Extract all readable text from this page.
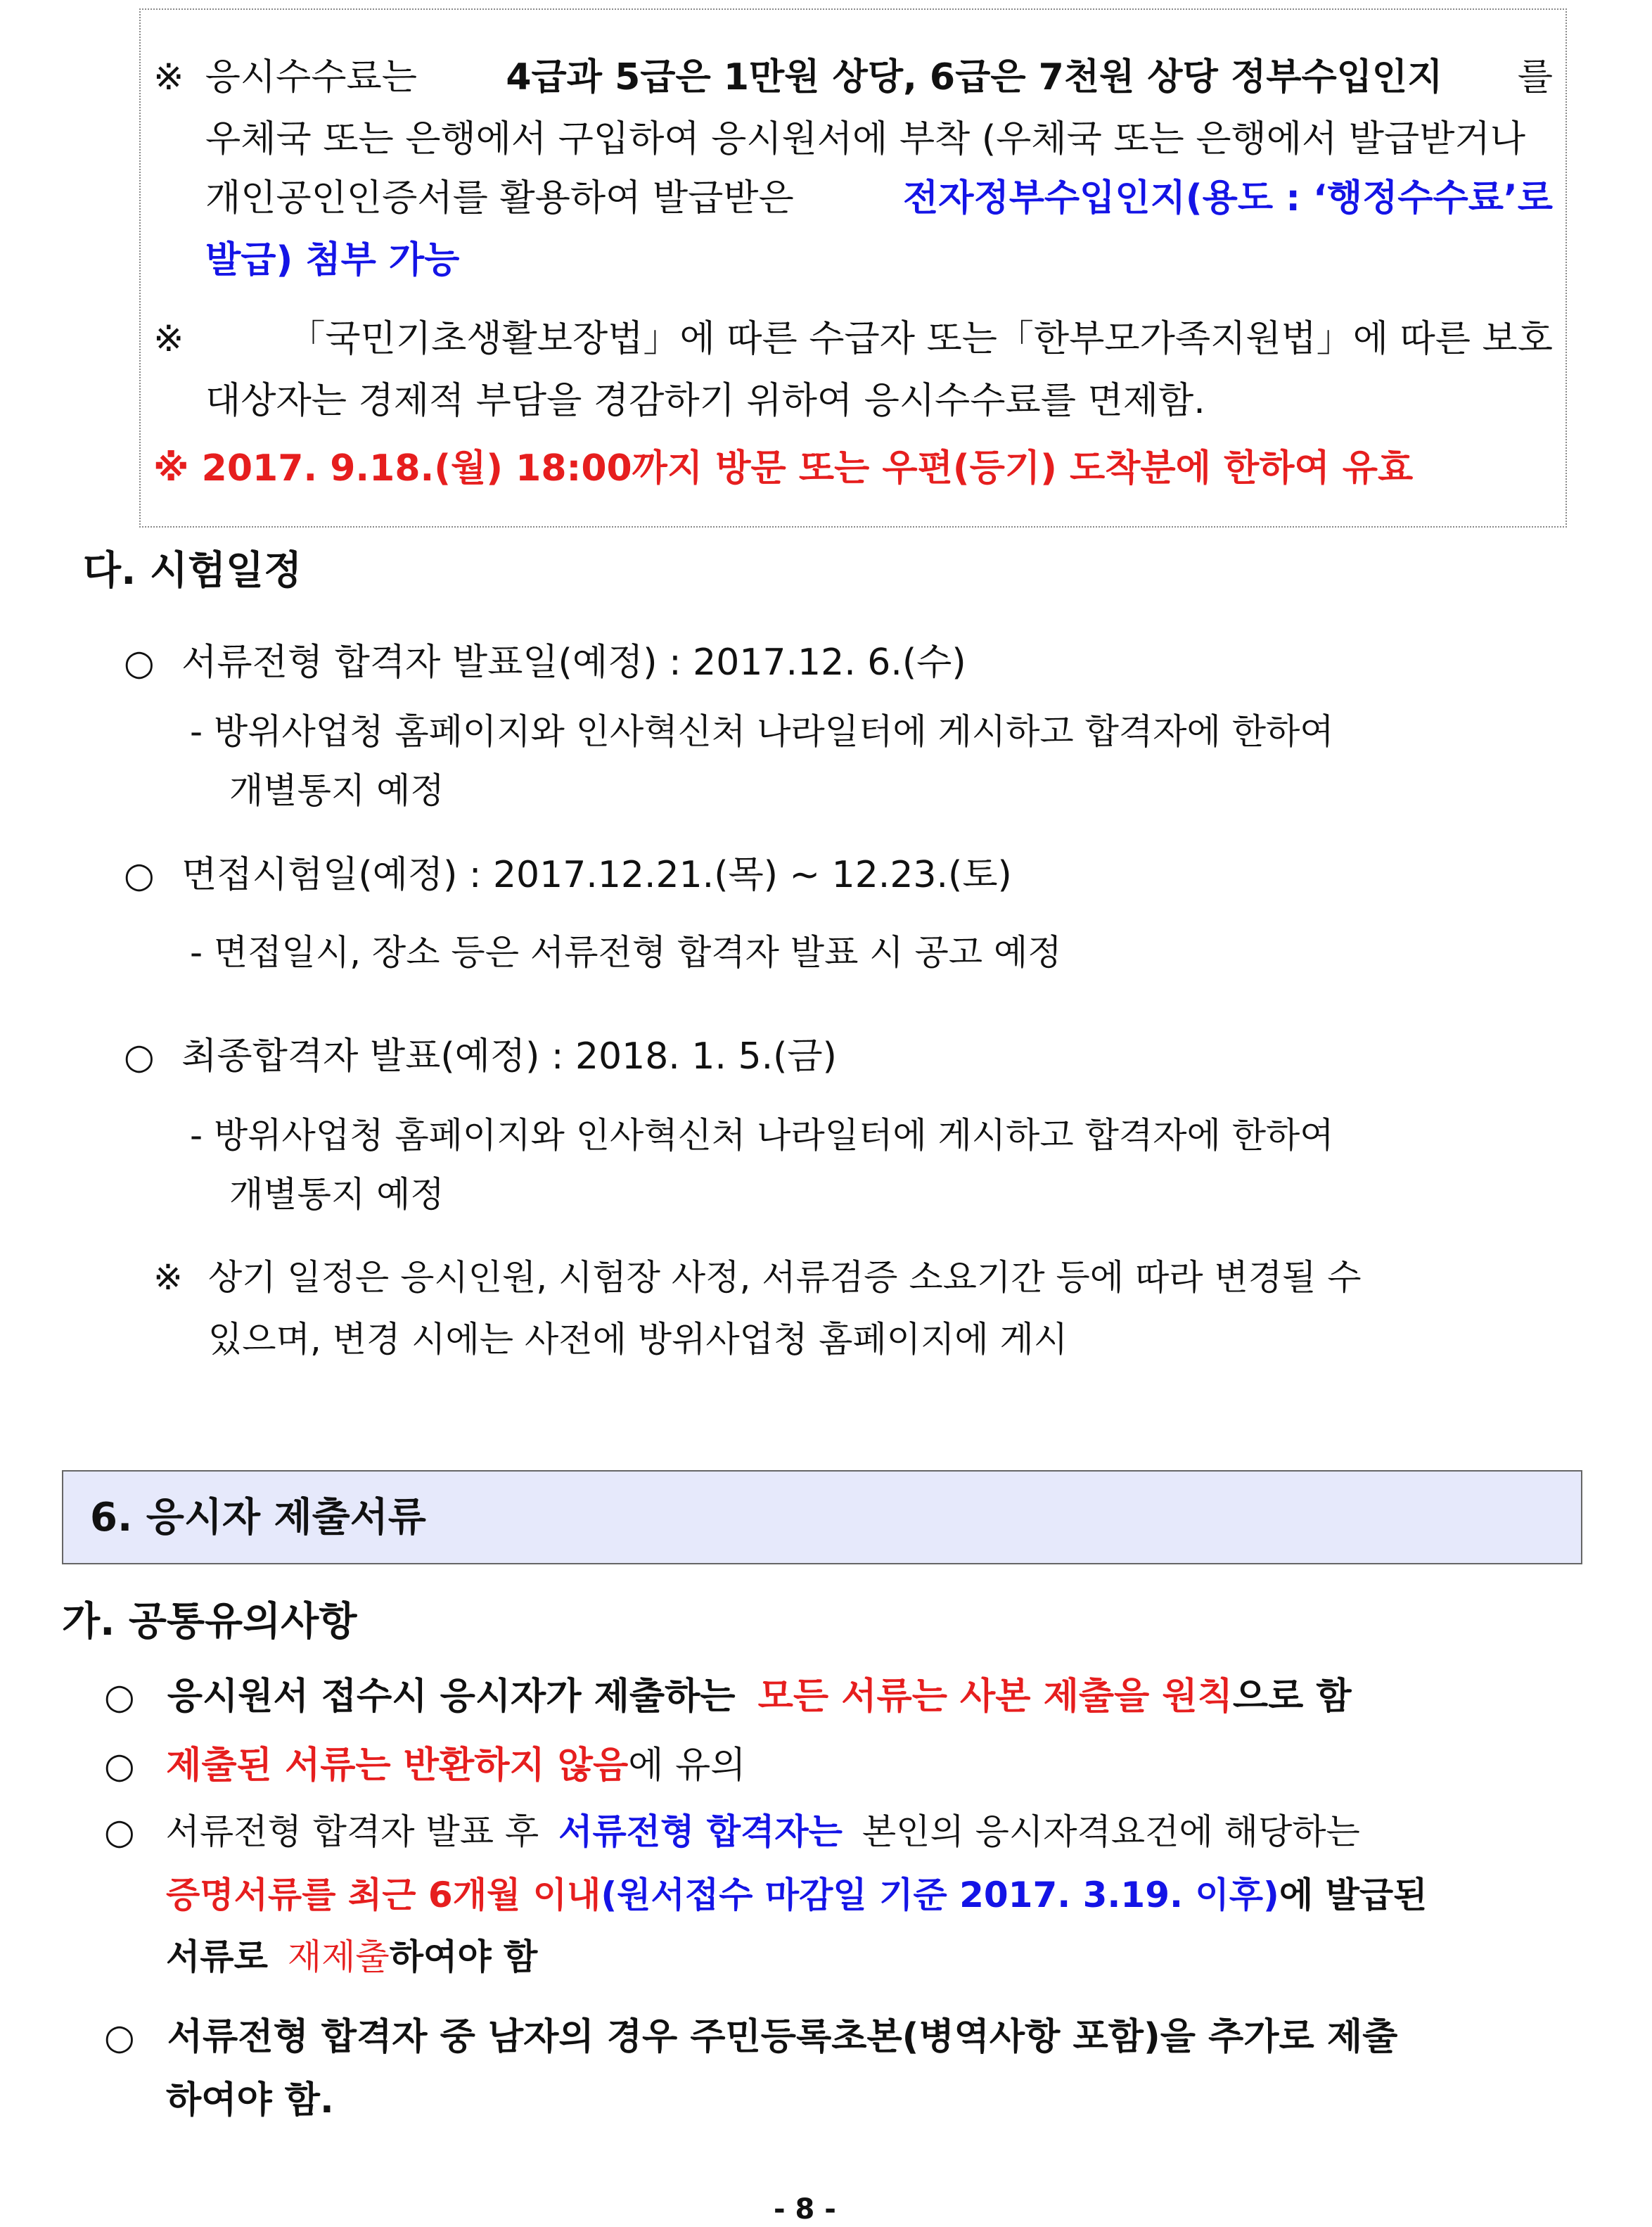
※ 응시수수료는 4급과 5급은 1만원 상당, 6급은 7천원 상당 정부수입인지 를
우체국 또는 은행에서 구입하여 응시원서에 부착 (우체국 또는 은행에서 발급받거나
개인공인인증서를 활용하여 발급받은	전자정부수입인지(용도 : ‘행정수수료’로
발급) 첨부 가능
※	「국민기초생활보장법」에 따른 수급자 또는「한부모가족지원법」에 따른 보호
대상자는 경제적 부담을 경감하기 위하여 응시수수료를 면제함.
※ 2017. 9.18.(월) 18:00까지 방문 또는 우편(등기) 도착분에 한하여 유효
다. 시험일정
○ 서류전형 합격자 발표일(예정) : 2017.12. 6.(수)
- 방위사업청 홈페이지와 인사혁신처 나라일터에 게시하고 합격자에 한하여
개별통지 예정
○ 면접시험일(예정) : 2017.12.21.(목) ~ 12.23.(토)
- 면접일시, 장소 등은 서류전형 합격자 발표 시 공고 예정
○ 최종합격자 발표(예정) : 2018. 1. 5.(금)
- 방위사업청 홈페이지와 인사혁신처 나라일터에 게시하고 합격자에 한하여
개별통지 예정
※ 상기 일정은 응시인원, 시험장 사정, 서류검증 소요기간 등에 따라 변경될 수
있으며, 변경 시에는 사전에 방위사업청 홈페이지에 게시
6. 응시자 제출서류
가. 공통유의사항
○ 응시원서 접수시 응시자가 제출하는 모든 서류는 사본 제출을 원칙으로 함
○ 제출된 서류는 반환하지 않음에 유의
○ 서류전형 합격자 발표 후 서류전형 합격자는 본인의 응시자격요건에 해당하는
증명서류를 최근 6개월 이내(원서접수 마감일 기준 2017. 3.19. 이후)에 발급된
서류로 재제출하여야 함
○ 서류전형 합격자 중 남자의 경우 주민등록초본(병역사항 포함)을 추가로 제출
하여야 함.
- 8 -
